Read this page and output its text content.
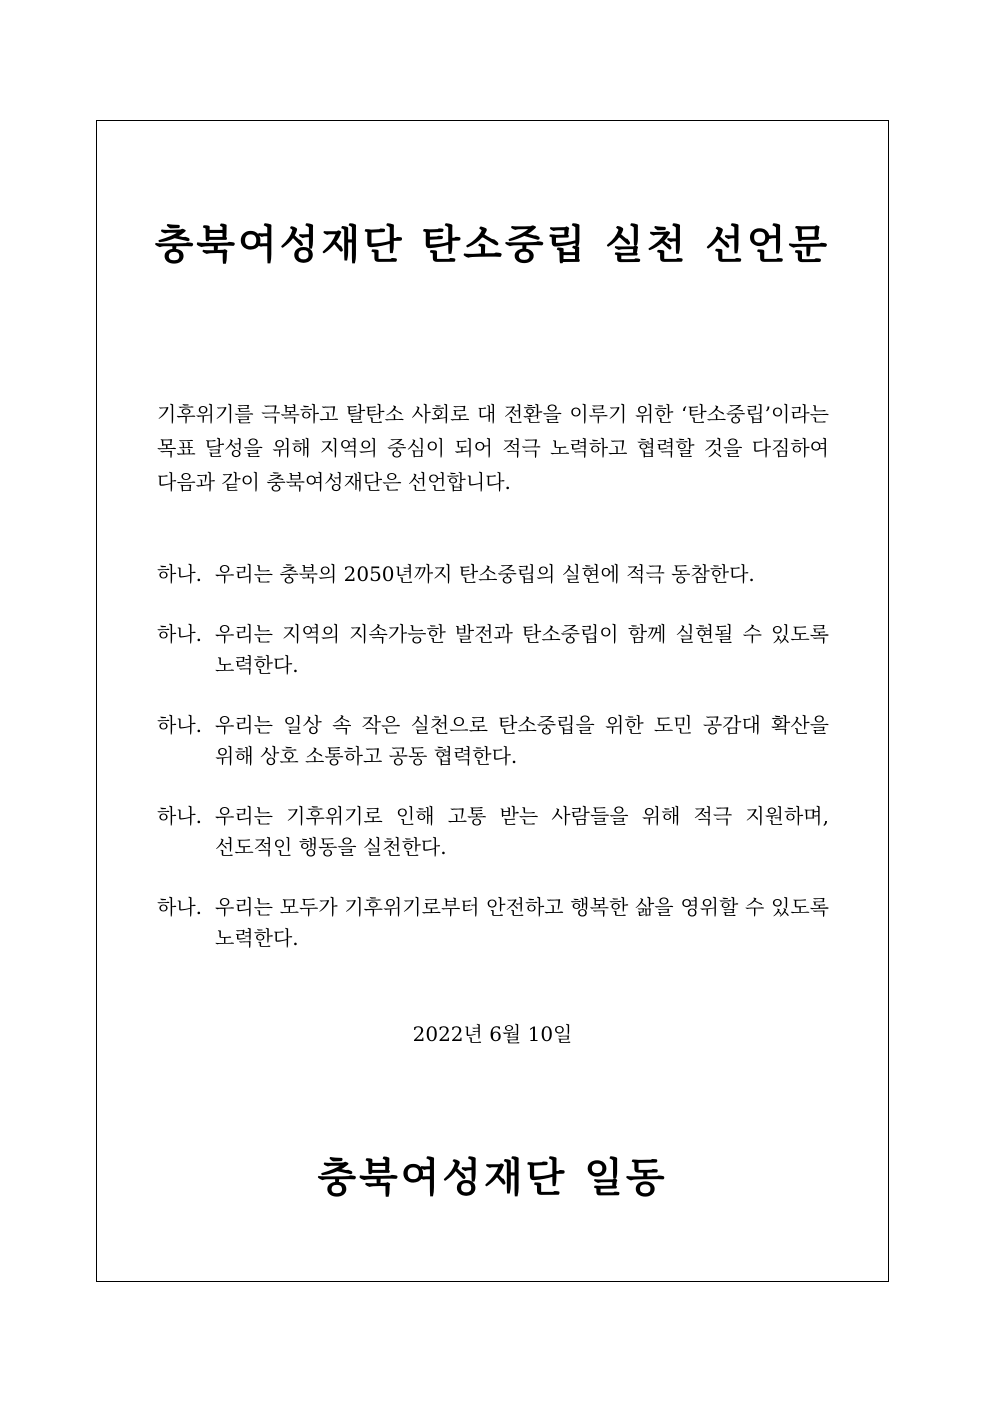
충북여성재단 탄소중립 실천 선언문
기후위기를 극복하고 탈탄소 사회로 대 전환을 이루기 위한 ‘탄소중립’이라는 목표 달성을 위해 지역의 중심이 되어 적극 노력하고 협력할 것을 다짐하여 다음과 같이 충북여성재단은 선언합니다.
하나. 우리는 충북의 2050년까지 탄소중립의 실현에 적극 동참한다.
하나. 우리는 지역의 지속가능한 발전과 탄소중립이 함께 실현될 수 있도록 노력한다.
하나. 우리는 일상 속 작은 실천으로 탄소중립을 위한 도민 공감대 확산을 위해 상호 소통하고 공동 협력한다.
하나. 우리는 기후위기로 인해 고통 받는 사람들을 위해 적극 지원하며, 선도적인 행동을 실천한다.
하나. 우리는 모두가 기후위기로부터 안전하고 행복한 삶을 영위할 수 있도록 노력한다.
2022년 6월 10일
충북여성재단 일동
